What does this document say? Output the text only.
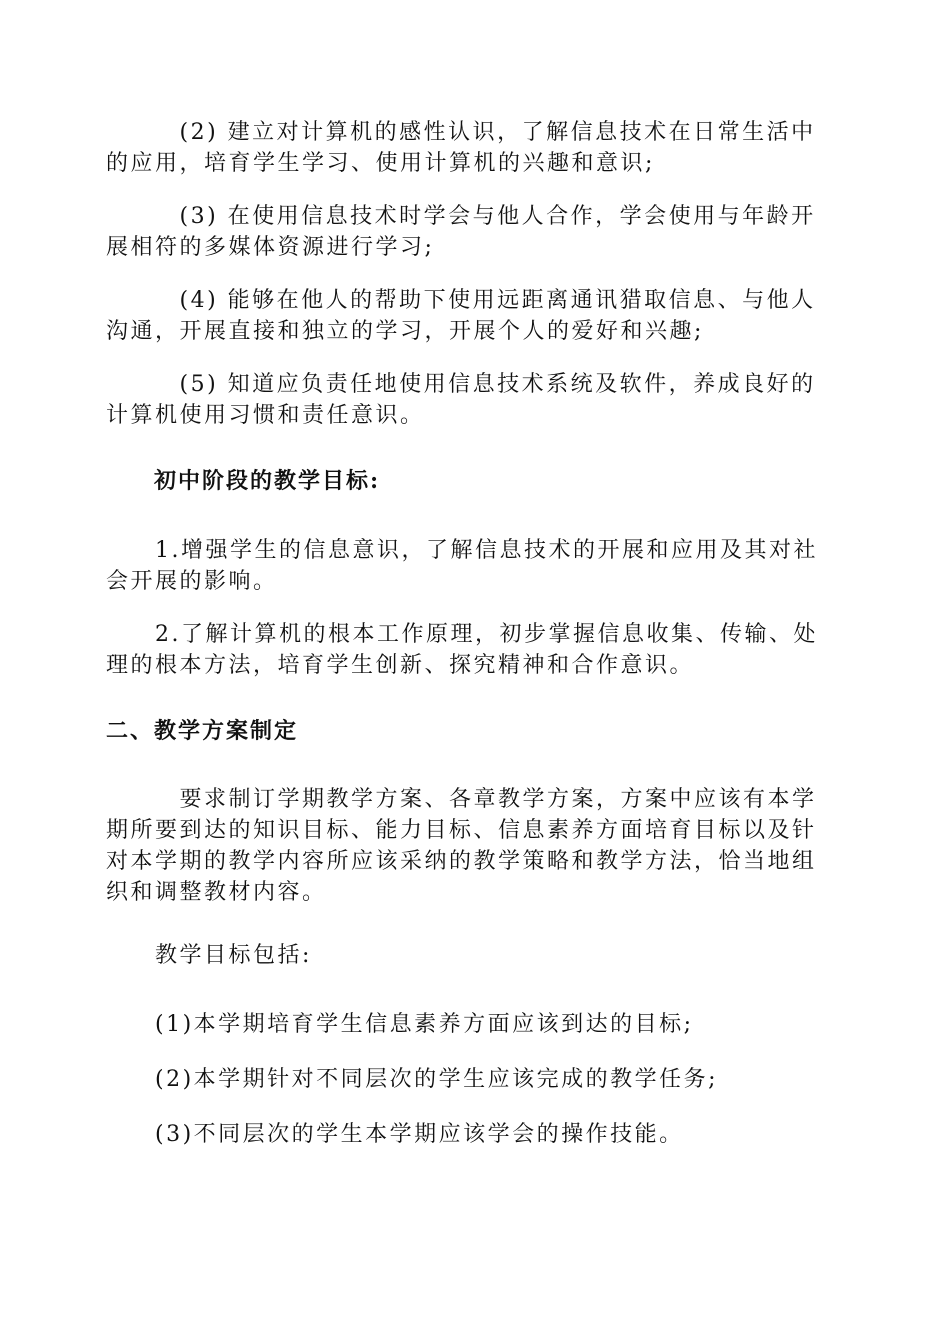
　　　(2) 建立对计算机的感性认识，了解信息技术在日常生活中
的应用，培育学生学习、使用计算机的兴趣和意识;
　　　(3) 在使用信息技术时学会与他人合作，学会使用与年龄开
展相符的多媒体资源进行学习;
　　　(4) 能够在他人的帮助下使用远距离通讯猎取信息、与他人
沟通，开展直接和独立的学习，开展个人的爱好和兴趣;
　　　(5) 知道应负责任地使用信息技术系统及软件，养成良好的
计算机使用习惯和责任意识。
　　初中阶段的教学目标:
　　1.增强学生的信息意识，了解信息技术的开展和应用及其对社
会开展的影响。
　　2.了解计算机的根本工作原理，初步掌握信息收集、传输、处
理的根本方法，培育学生创新、探究精神和合作意识。
二、教学方案制定
　　　要求制订学期教学方案、各章教学方案，方案中应该有本学
期所要到达的知识目标、能力目标、信息素养方面培育目标以及针
对本学期的教学内容所应该采纳的教学策略和教学方法，恰当地组
织和调整教材内容。
　　教学目标包括:
　　(1)本学期培育学生信息素养方面应该到达的目标;
　　(2)本学期针对不同层次的学生应该完成的教学任务;
　　(3)不同层次的学生本学期应该学会的操作技能。
